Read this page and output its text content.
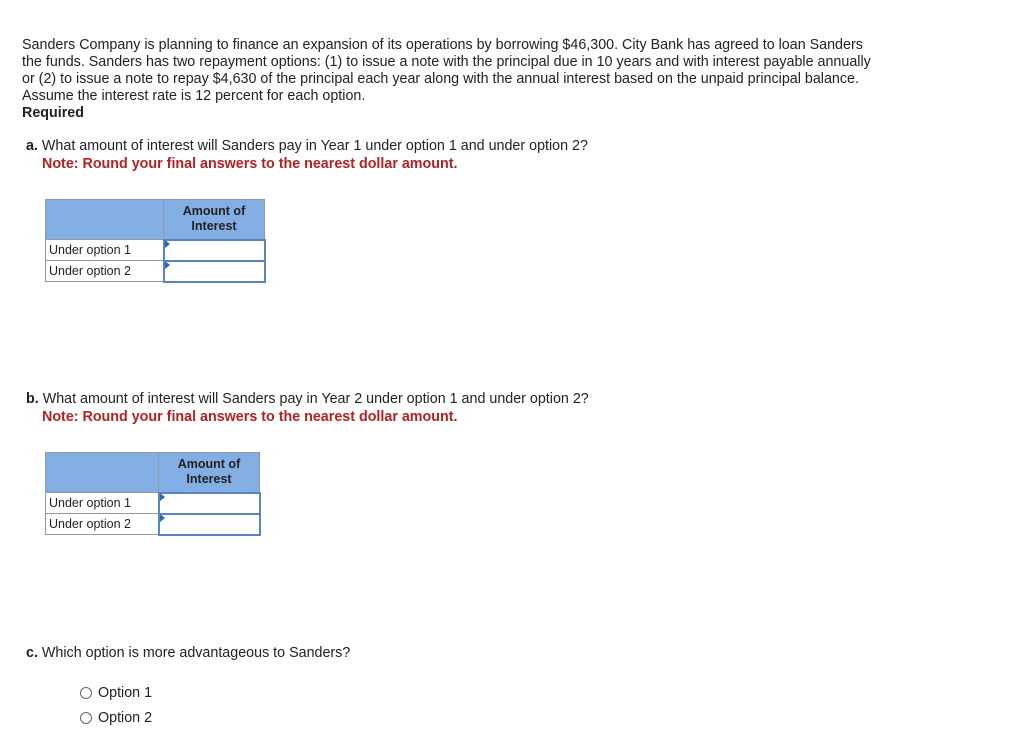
Sanders Company is planning to finance an expansion of its operations by borrowing $46,300. City Bank has agreed to loan Sanders

the funds. Sanders has two repayment options: (1) to issue a note with the principal due in 10 years and with interest payable annually

or (2) to issue a note to repay $4,630 of the principal each year along with the annual interest based on the unpaid principal balance.

Assume the interest rate is 12 percent for each option.

Required

a. What amount of interest will Sanders pay in Year 1 under option 1 and under option 2?
Note: Round your final answers to the nearest dollar amount.
	Amount of
Interest
Under option 1	

Under option 2	
b. What amount of interest will Sanders pay in Year 2 under option 1 and under option 2?
Note: Round your final answers to the nearest dollar amount.
	Amount of
Interest
Under option 1	

Under option 2	
c. Which option is more advantageous to Sanders?
Option 1
Option 2
